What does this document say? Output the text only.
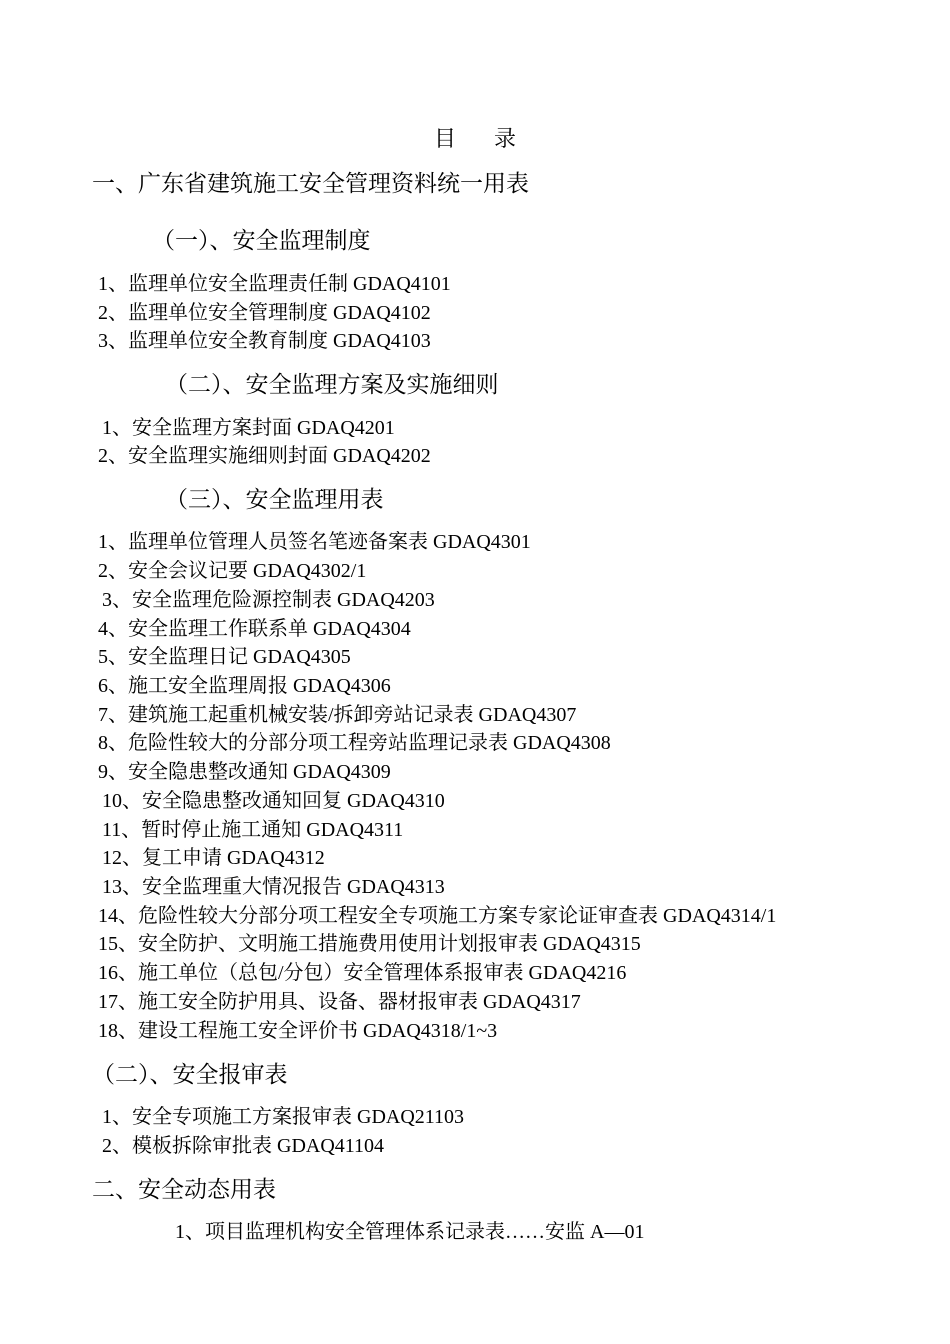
目 录
一、广东省建筑施工安全管理资料统一用表
（一）、安全监理制度
1、监理单位安全监理责任制 GDAQ4101
2、监理单位安全管理制度 GDAQ4102
3、监理单位安全教育制度 GDAQ4103
（二）、安全监理方案及实施细则
1、安全监理方案封面 GDAQ4201
2、安全监理实施细则封面 GDAQ4202
（三）、安全监理用表
1、监理单位管理人员签名笔迹备案表 GDAQ4301
2、安全会议记要 GDAQ4302/1
3、安全监理危险源控制表 GDAQ4203
4、安全监理工作联系单 GDAQ4304
5、安全监理日记 GDAQ4305
6、施工安全监理周报 GDAQ4306
7、建筑施工起重机械安装/拆卸旁站记录表 GDAQ4307
8、危险性较大的分部分项工程旁站监理记录表 GDAQ4308
9、安全隐患整改通知 GDAQ4309
10、安全隐患整改通知回复 GDAQ4310
11、暂时停止施工通知 GDAQ4311
12、复工申请 GDAQ4312
13、安全监理重大情况报告 GDAQ4313
14、危险性较大分部分项工程安全专项施工方案专家论证审查表 GDAQ4314/1
15、安全防护、文明施工措施费用使用计划报审表 GDAQ4315
16、施工单位（总包/分包）安全管理体系报审表 GDAQ4216
17、施工安全防护用具、设备、器材报审表 GDAQ4317
18、建设工程施工安全评价书 GDAQ4318/1~3
（二）、安全报审表
1、安全专项施工方案报审表 GDAQ21103
2、模板拆除审批表 GDAQ41104
二、安全动态用表
1、项目监理机构安全管理体系记录表……安监 A—01
